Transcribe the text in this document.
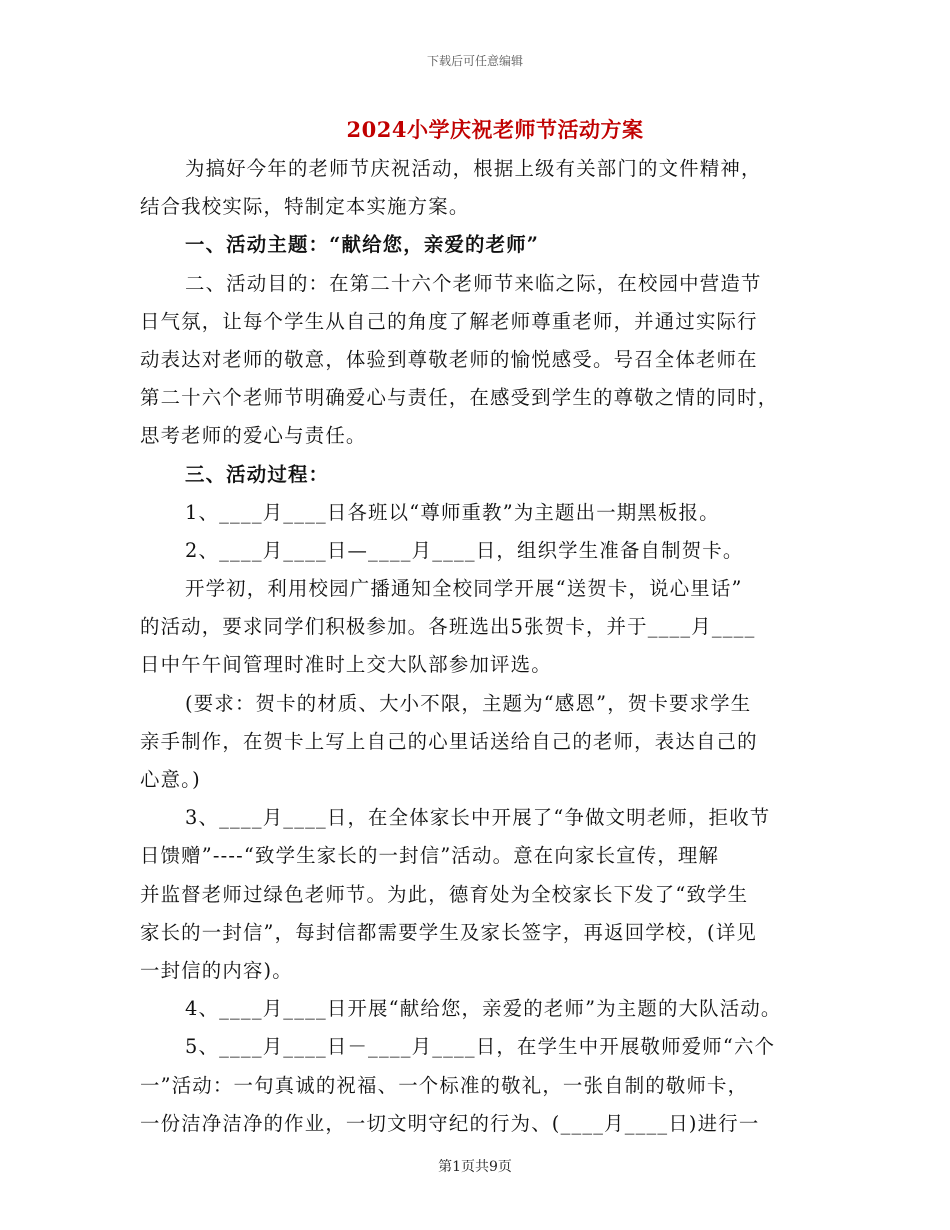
下载后可任意编辑
2024小学庆祝老师节活动方案
为搞好今年的老师节庆祝活动，根据上级有关部门的文件精神，
结合我校实际，特制定本实施方案。
一、活动主题：“献给您，亲爱的老师”
二、活动目的：在第二十六个老师节来临之际，在校园中营造节
日气氛，让每个学生从自己的角度了解老师尊重老师，并通过实际行
动表达对老师的敬意，体验到尊敬老师的愉悦感受。号召全体老师在
第二十六个老师节明确爱心与责任，在感受到学生的尊敬之情的同时，
思考老师的爱心与责任。
三、活动过程：
1、____月____日各班以“尊师重教”为主题出一期黑板报。
2、____月____日—____月____日，组织学生准备自制贺卡。
开学初，利用校园广播通知全校同学开展“送贺卡，说心里话”
的活动，要求同学们积极参加。各班选出5张贺卡，并于____月____
日中午午间管理时准时上交大队部参加评选。
(要求：贺卡的材质、大小不限，主题为“感恩”，贺卡要求学生
亲手制作，在贺卡上写上自己的心里话送给自己的老师，表达自己的
心意。)
3、____月____日，在全体家长中开展了“争做文明老师，拒收节
日馈赠”----“致学生家长的一封信”活动。意在向家长宣传，理解
并监督老师过绿色老师节。为此，德育处为全校家长下发了“致学生
家长的一封信”，每封信都需要学生及家长签字，再返回学校，(详见
一封信的内容)。
4、____月____日开展“献给您，亲爱的老师”为主题的大队活动。
5、____月____日－____月____日，在学生中开展敬师爱师“六个
一”活动：一句真诚的祝福、一个标准的敬礼，一张自制的敬师卡，
一份洁净洁净的作业，一切文明守纪的行为、(____月____日)进行一
第1页共9页
